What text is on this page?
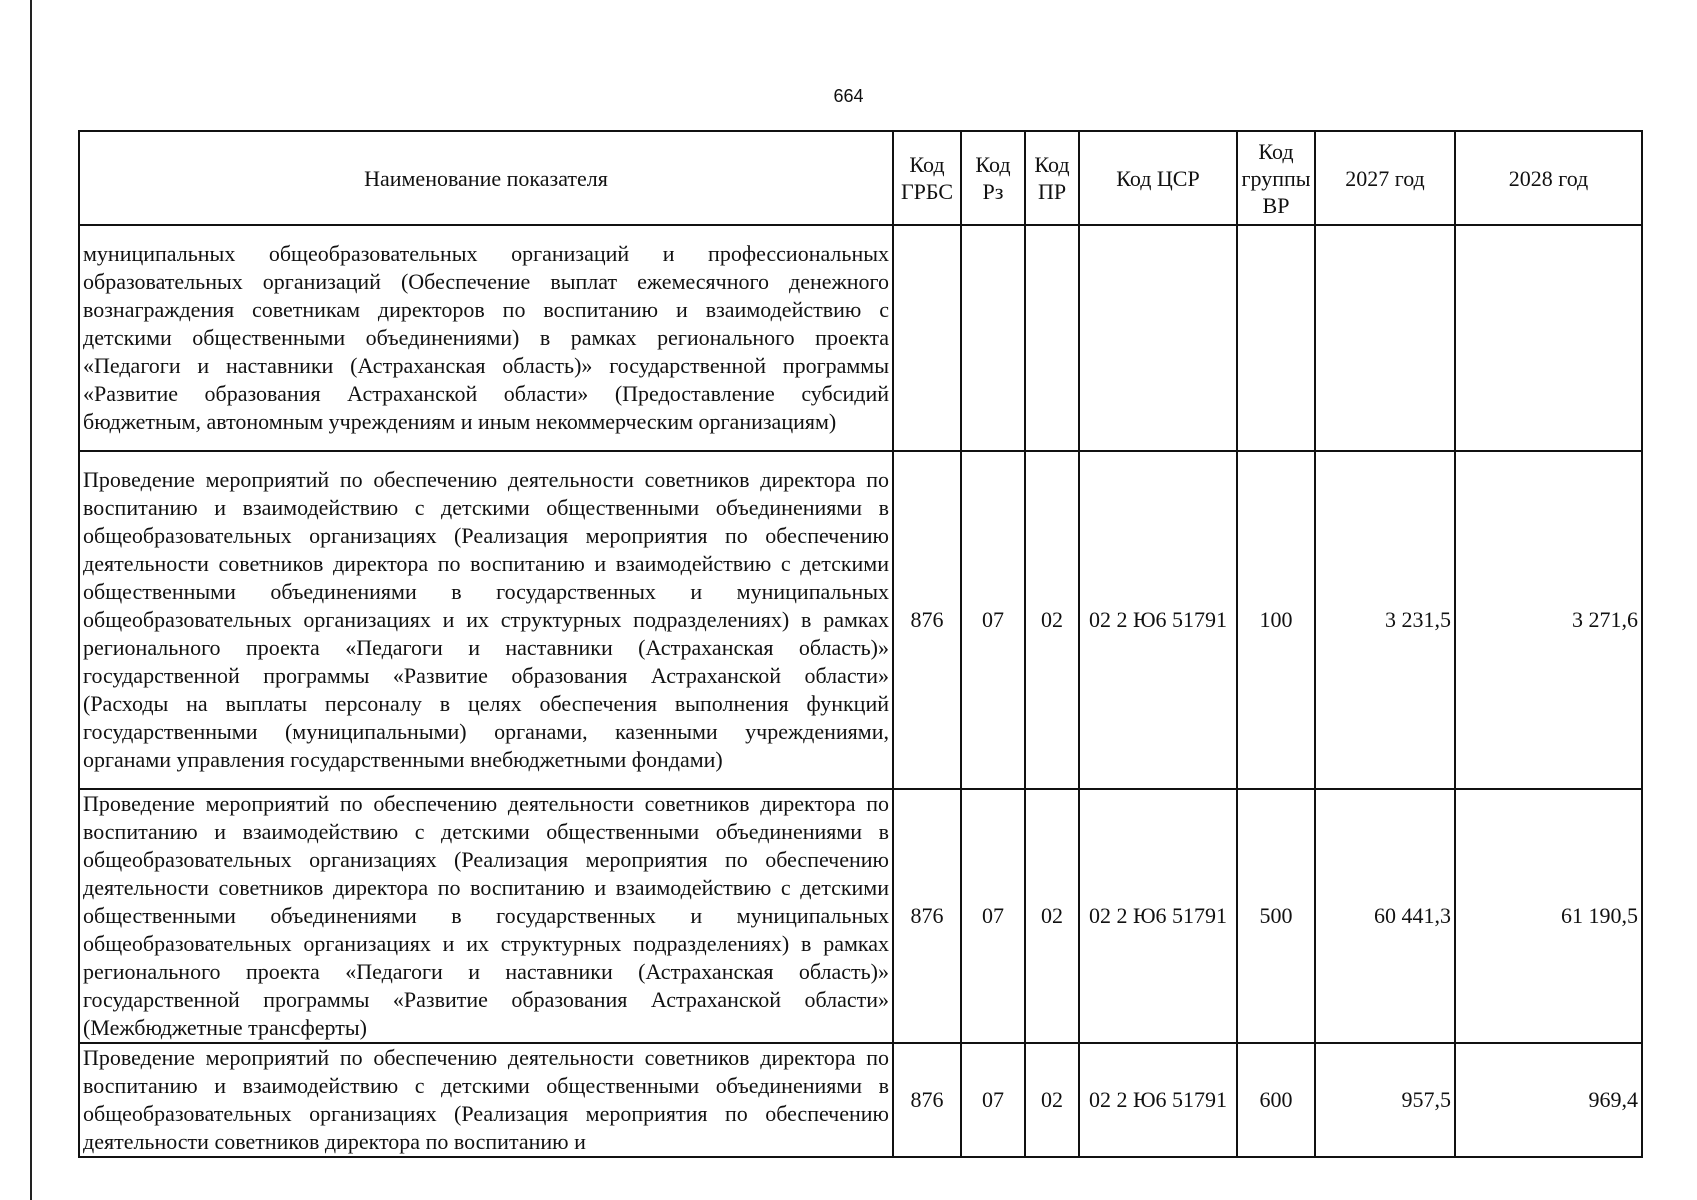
664
Наименование показателя	Код ГРБС	Код Рз	Код ПР	Код ЦСР	Код группы ВР	2027 год	2028 год
муниципальных общеобразовательных организаций и профессиональных образовательных организаций (Обеспечение выплат ежемесячного денежного вознаграждения советникам директоров по воспитанию и взаимодействию с детскими общественными объединениями) в рамках регионального проекта «Педагоги и наставники (Астраханская область)» государственной программы «Развитие образования Астраханской области» (Предоставление субсидий бюджетным, автономным учреждениям и иным некоммерческим организациям)							
Проведение мероприятий по обеспечению деятельности советников директора по воспитанию и взаимодействию с детскими общественными объединениями в общеобразовательных организациях (Реализация мероприятия по обеспечению деятельности советников директора по воспитанию и взаимодействию с детскими общественными объединениями в государственных и муниципальных общеобразовательных организациях и их структурных подразделениях) в рамках регионального проекта «Педагоги и наставники (Астраханская область)» государственной программы «Развитие образования Астраханской области» (Расходы на выплаты персоналу в целях обеспечения выполнения функций государственными (муниципальными) органами, казенными учреждениями, органами управления государственными внебюджетными фондами)	876	07	02	02 2 Ю6 51791	100	3 231,5	3 271,6
Проведение мероприятий по обеспечению деятельности советников директора по воспитанию и взаимодействию с детскими общественными объединениями в общеобразовательных организациях (Реализация мероприятия по обеспечению деятельности советников директора по воспитанию и взаимодействию с детскими общественными объединениями в государственных и муниципальных общеобразовательных организациях и их структурных подразделениях) в рамках регионального проекта «Педагоги и наставники (Астраханская область)» государственной программы «Развитие образования Астраханской области» (Межбюджетные трансферты)	876	07	02	02 2 Ю6 51791	500	60 441,3	61 190,5
Проведение мероприятий по обеспечению деятельности советников директора по воспитанию и взаимодействию с детскими общественными объединениями в общеобразовательных организациях (Реализация мероприятия по обеспечению деятельности советников директора по воспитанию и	876	07	02	02 2 Ю6 51791	600	957,5	969,4
